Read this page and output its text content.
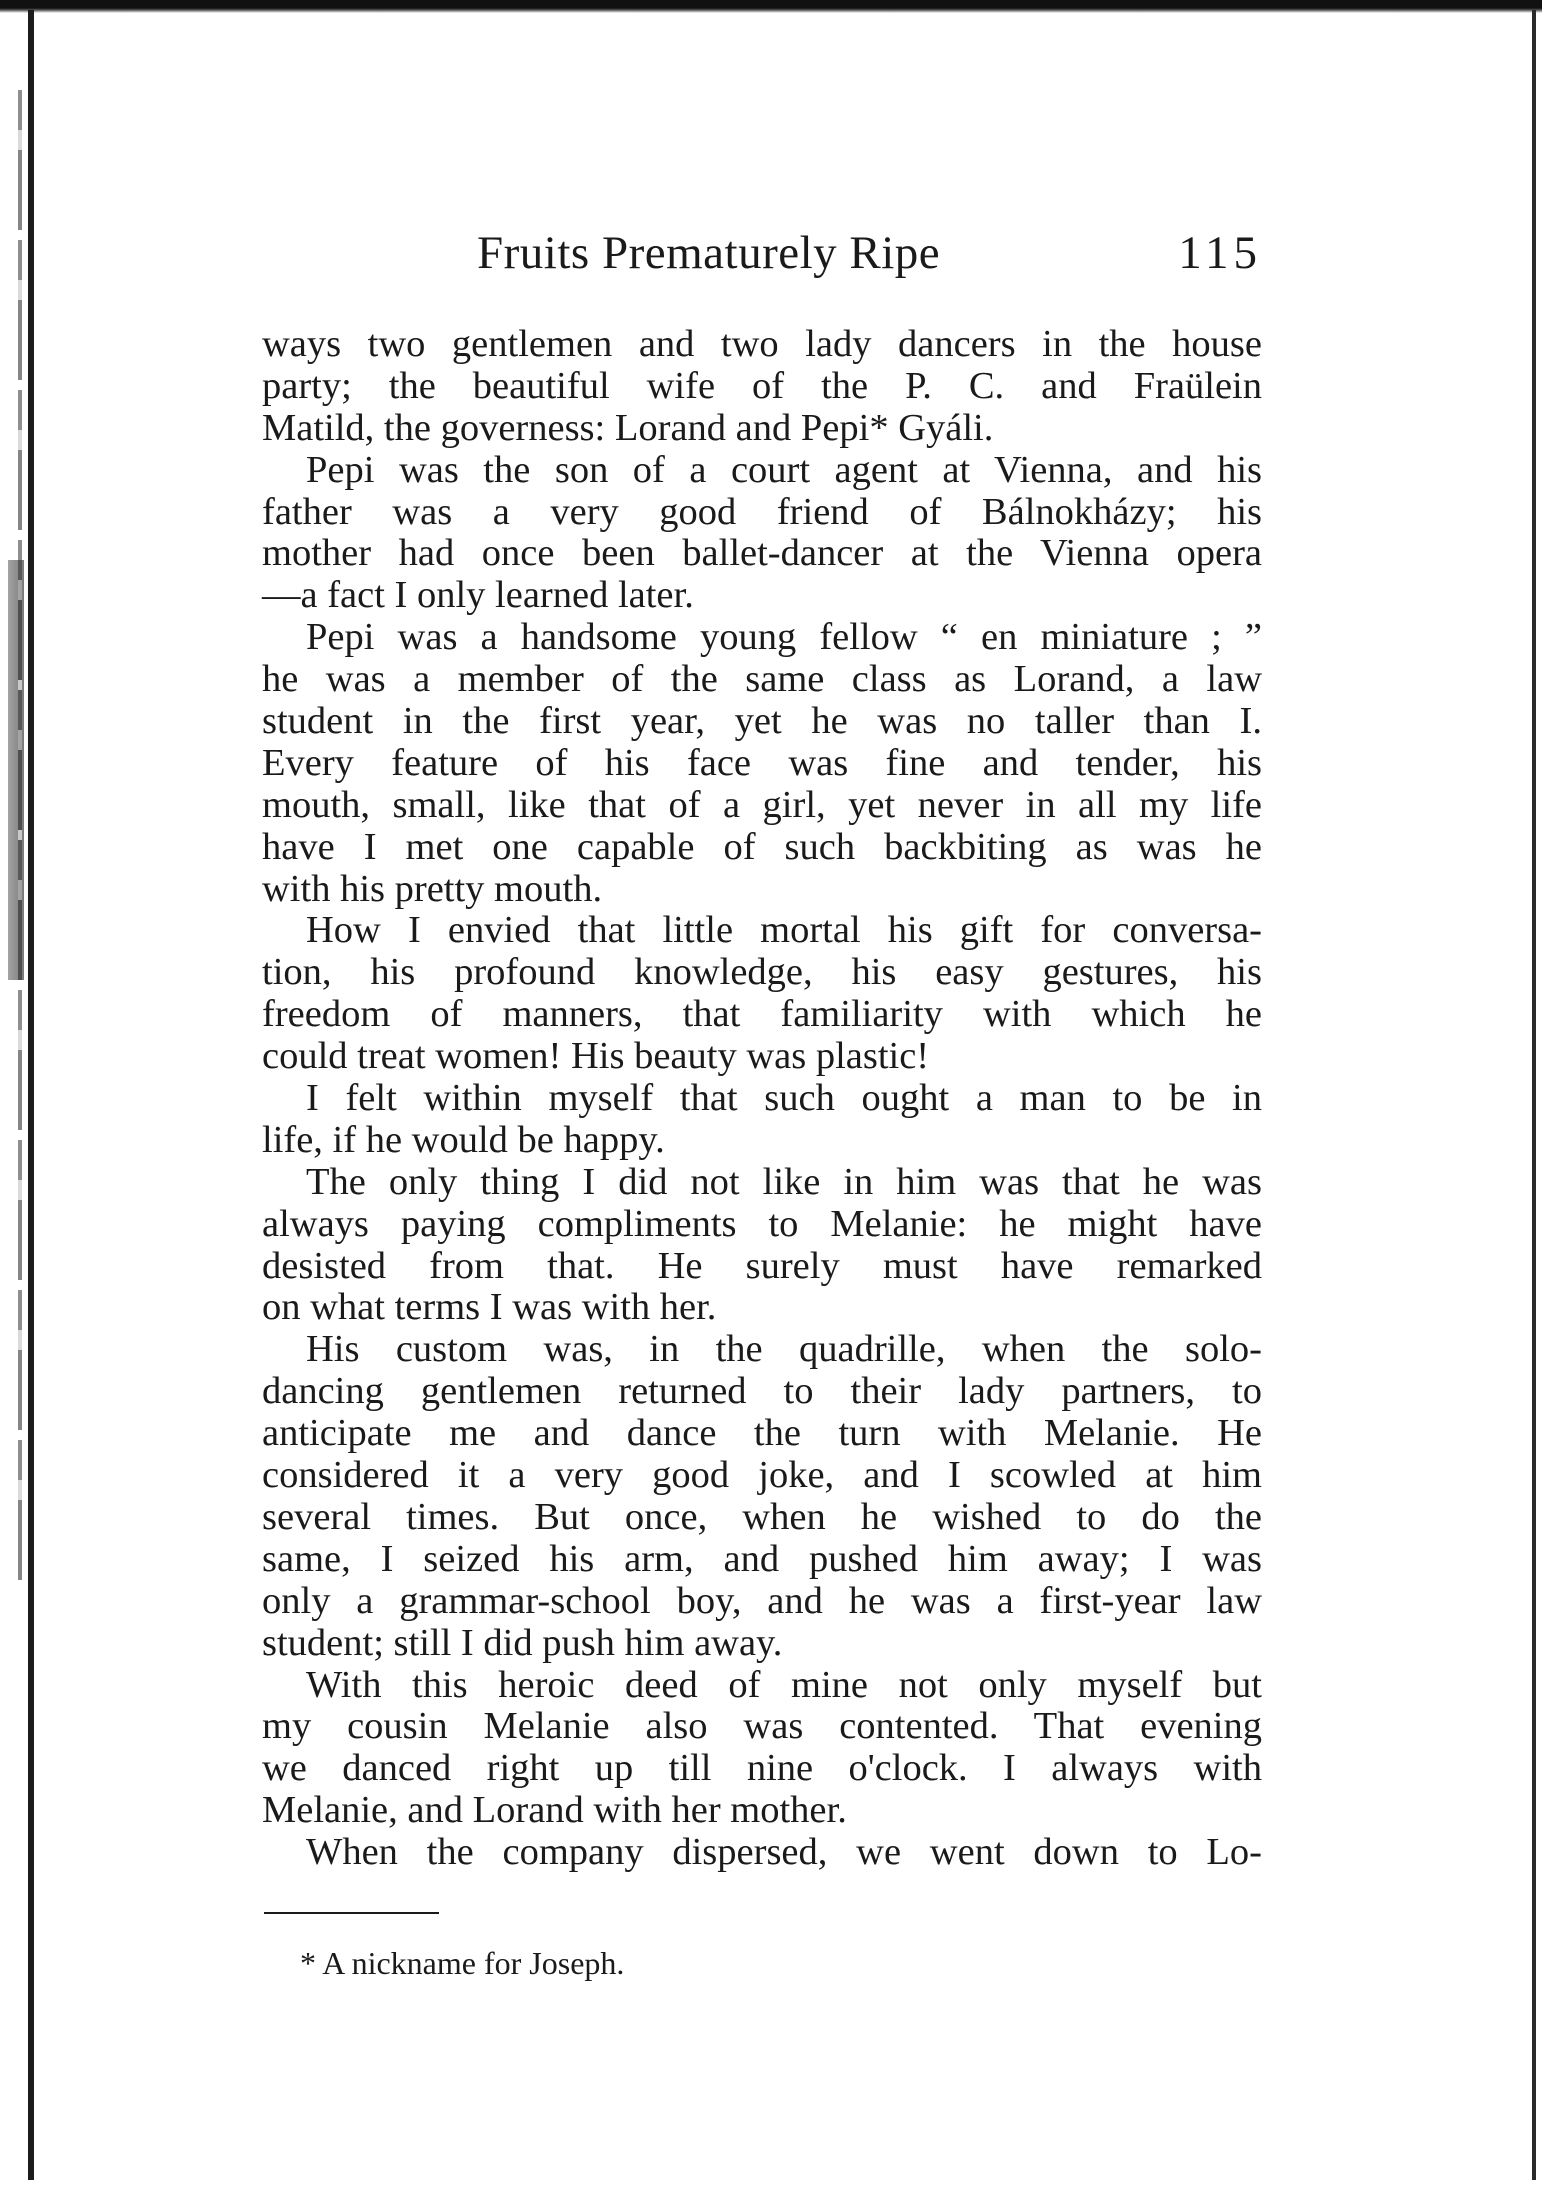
Fruits Prematurely Ripe	115
ways two gentlemen and two lady dancers in the house
party; the beautiful wife of the P. C. and Fraülein
Matild, the governess: Lorand and Pepi* Gyáli.
Pepi was the son of a court agent at Vienna, and his
father was a very good friend of Bálnokházy; his
mother had once been ballet-dancer at the Vienna opera
—a fact I only learned later.
Pepi was a handsome young fellow “ en miniature ; ”
he was a member of the same class as Lorand, a law
student in the first year, yet he was no taller than I.
Every feature of his face was fine and tender, his
mouth, small, like that of a girl, yet never in all my life
have I met one capable of such backbiting as was he
with his pretty mouth.
How I envied that little mortal his gift for conversa-
tion, his profound knowledge, his easy gestures, his
freedom of manners, that familiarity with which he
could treat women! His beauty was plastic!
I felt within myself that such ought a man to be in
life, if he would be happy.
The only thing I did not like in him was that he was
always paying compliments to Melanie: he might have
desisted from that. He surely must have remarked
on what terms I was with her.
His custom was, in the quadrille, when the solo-
dancing gentlemen returned to their lady partners, to
anticipate me and dance the turn with Melanie. He
considered it a very good joke, and I scowled at him
several times. But once, when he wished to do the
same, I seized his arm, and pushed him away; I was
only a grammar-school boy, and he was a first-year law
student; still I did push him away.
With this heroic deed of mine not only myself but
my cousin Melanie also was contented. That evening
we danced right up till nine o'clock. I always with
Melanie, and Lorand with her mother.
When the company dispersed, we went down to Lo-
* A nickname for Joseph.
